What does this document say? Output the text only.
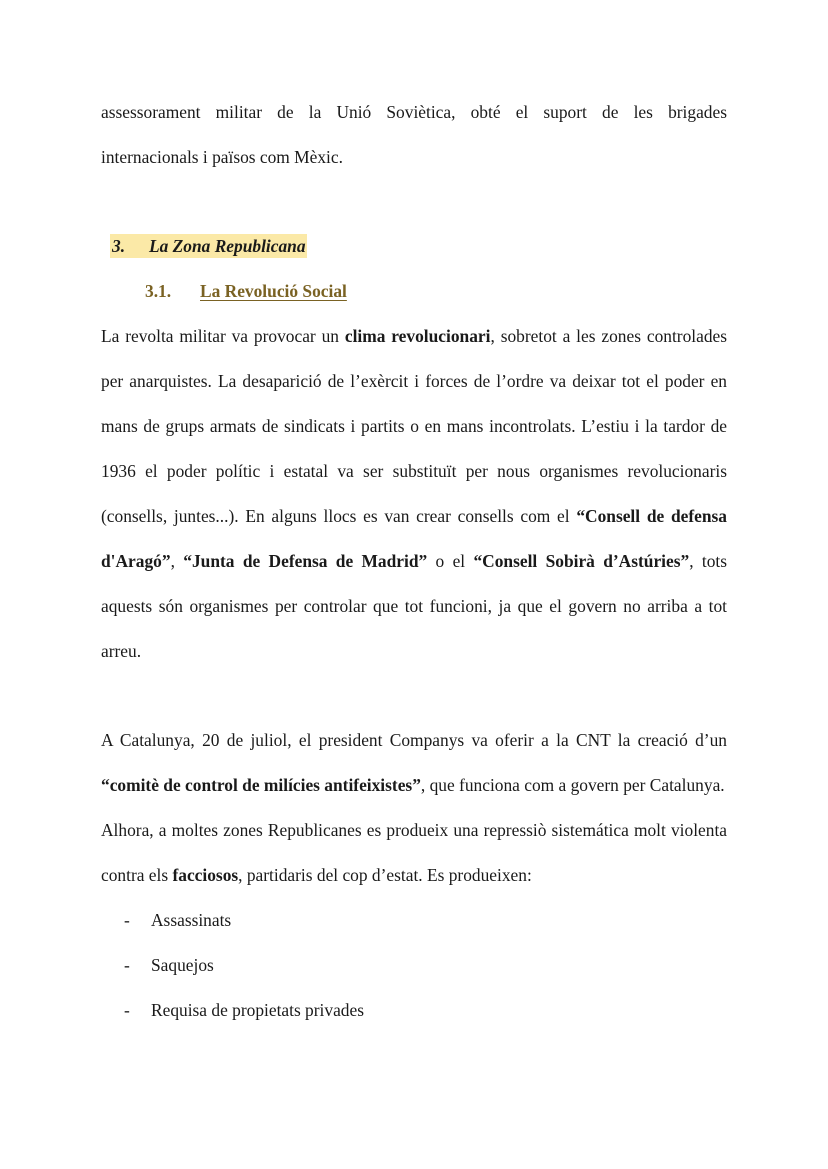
assessorament militar de la Unió Soviètica, obté el suport de les brigades
internacionals i països com Mèxic.

3. La Zona Republicana
3.1. La Revolució Social

La revolta militar va provocar un clima revolucionari, sobretot a les zones controlades per anarquistes. La desaparició de l’exèrcit i forces de l’ordre va deixar tot el poder en mans de grups armats de sindicats i partits o en mans incontrolats. L’estiu i la tardor de 1936 el poder polític i estatal va ser substituït per nous organismes revolucionaris (consells, juntes...). En alguns llocs es van crear consells com el “Consell de defensa d'Aragó”, “Junta de Defensa de Madrid” o el “Consell Sobirà d’Astúries”, tots aquests són organismes per controlar que tot funcioni, ja que el govern no arriba a tot arreu.

A Catalunya, 20 de juliol, el president Companys va oferir a la CNT la creació d’un “comitè de control de milícies antifeixistes”, que funciona com a govern per Catalunya.

Alhora, a moltes zones Republicanes es produeix una repressiò sistemática molt violenta contra els facciosos, partidaris del cop d’estat. Es produeixen:

- Assassinats
- Saquejos
- Requisa de propietats privades
